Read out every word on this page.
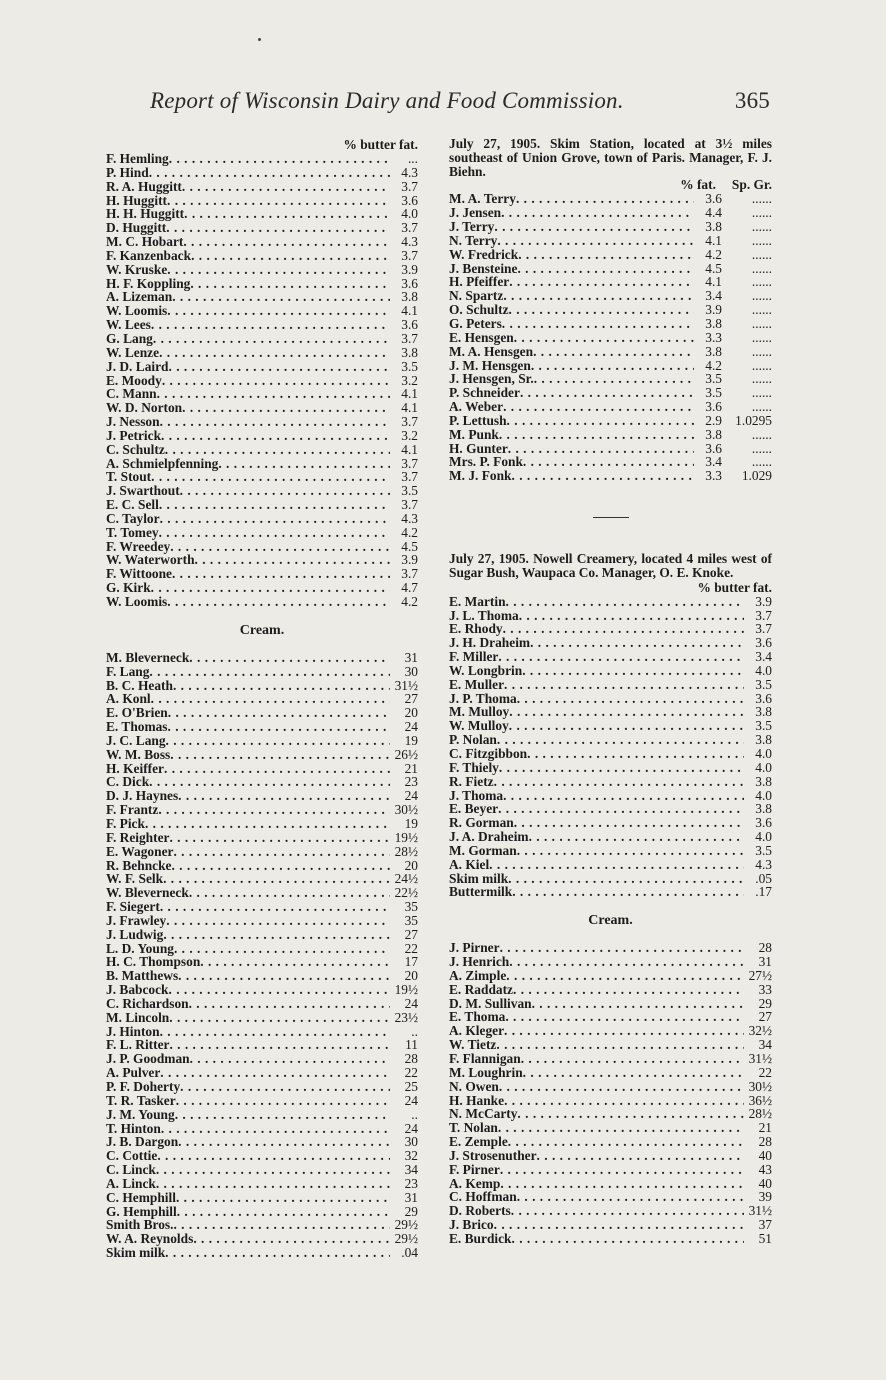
Report of Wisconsin Dairy and Food Commission.	365
% butter fat.
F. Hemling . . .	...
P. Hind . . .	4.3
R. A. Huggitt . . .	3.7
H. Huggitt . . .	3.6
H. H. Huggitt . . .	4.0
D. Huggitt . . .	3.7
M. C. Hobart . . .	4.3
F. Kanzenback . . .	3.7
W. Kruske . . .	3.9
H. F. Koppling . . .	3.6
A. Lizeman . . .	3.8
W. Loomis . . .	4.1
W. Lees . . .	3.6
G. Lang . . .	3.7
W. Lenze . . .	3.8
J. D. Laird . . .	3.5
E. Moody . . .	3.2
C. Mann . . .	4.1
W. D. Norton . . .	4.1
J. Nesson . . .	3.7
J. Petrick . . .	3.2
C. Schultz . . .	4.1
A. Schmielpfenning . . .	3.7
T. Stout . . .	3.7
J. Swarthout . . .	3.5
E. C. Sell . . .	3.7
C. Taylor . . .	4.3
T. Tomey . . .	4.2
F. Wreedey . . .	4.5
W. Waterworth . . .	3.9
F. Wittoone . . .	3.7
G. Kirk . . .	4.7
W. Loomis . . .	4.2
Cream.
M. Bleverneck . . .	31
F. Lang . . .	30
B. C. Heath . . .	31½
A. Konl . . .	27
E. O'Brien . . .	20
E. Thomas . . .	24
J. C. Lang . . .	19
W. M. Boss . . .	26½
H. Keiffer . . .	21
C. Dick . . .	23
D. J. Haynes . . .	24
F. Frantz . . .	30½
F. Pick . . .	19
F. Reighter . . .	19½
E. Wagoner . . .	28½
R. Behncke . . .	20
W. F. Selk . . .	24½
W. Bleverneck . . .	22½
F. Siegert . . .	35
J. Frawley . . .	35
J. Ludwig . . .	27
L. D. Young . . .	22
H. C. Thompson . . .	17
B. Matthews . . .	20
J. Babcock . . .	19½
C. Richardson . . .	24
M. Lincoln . . .	23½
J. Hinton . . .	..
F. L. Ritter . . .	11
J. P. Goodman . . .	28
A. Pulver . . .	22
P. F. Doherty . . .	25
T. R. Tasker . . .	24
J. M. Young . . .	..
T. Hinton . . .	24
J. B. Dargon . . .	30
C. Cottie . . .	32
C. Linck . . .	34
A. Linck . . .	23
C. Hemphill . . .	31
G. Hemphill . . .	29
Smith Bros. . . .	29½
W. A. Reynolds . . .	29½
Skim milk . . .	.04
July 27, 1905. Skim Station, located at 3½ miles southeast of Union Grove, town of Paris. Manager, F. J. Biehn.
% fat. Sp. Gr.
M. A. Terry . . .	3.6	......
J. Jensen . . .	4.4	......
J. Terry . . .	3.8	......
N. Terry . . .	4.1	......
W. Fredrick . . .	4.2	......
J. Bensteine . . .	4.5	......
H. Pfeiffer . . .	4.1	......
N. Spartz . . .	3.4	......
O. Schultz . . .	3.9	......
G. Peters . . .	3.8	......
E. Hensgen . . .	3.3	......
M. A. Hensgen . . .	3.8	......
J. M. Hensgen . . .	4.2	......
J. Hensgen, Sr. . . .	3.5	......
P. Schneider . . .	3.5	......
A. Weber . . .	3.6	......
P. Lettush . . .	2.9 1.0295
M. Punk . . .	3.8	......
H. Gunter . . .	3.6	......
Mrs. P. Fonk . . .	3.4	......
M. J. Fonk . . .	3.3	1.029
July 27, 1905. Nowell Creamery, located 4 miles west of Sugar Bush, Waupaca Co. Manager, O. E. Knoke.
% butter fat.
E. Martin . . .	3.9
J. L. Thoma . . .	3.7
E. Rhody . . .	3.7
J. H. Draheim . . .	3.6
F. Miller . . .	3.4
W. Longbrin . . .	4.0
E. Muller . . .	3.5
J. P. Thoma . . .	3.6
M. Mulloy . . .	3.8
W. Mulloy . . .	3.5
P. Nolan . . .	3.8
C. Fitzgibbon . . .	4.0
F. Thiely . . .	4.0
R. Fietz . . .	3.8
J. Thoma . . .	4.0
E. Beyer . . .	3.8
R. Gorman . . .	3.6
J. A. Draheim . . .	4.0
M. Gorman . . .	3.5
A. Kiel . . .	4.3
Skim milk . . .	.05
Buttermilk . . .	.17
Cream.
J. Pirner . . .	28
J. Henrich . . .	31
A. Zimple . . .	27½
E. Raddatz . . .	33
D. M. Sullivan . . .	29
E. Thoma . . .	27
A. Kleger . . .	32½
W. Tietz . . .	34
F. Flannigan . . .	31½
M. Loughrin . . .	22
N. Owen . . .	30½
H. Hanke . . .	36½
N. McCarty . . .	28½
T. Nolan . . .	21
E. Zemple . . .	28
J. Strosenuther . . .	40
F. Pirner . . .	43
A. Kemp . . .	40
C. Hoffman . . .	39
D. Roberts . . .	31½
J. Brico . . .	37
E. Burdick . . .	51
